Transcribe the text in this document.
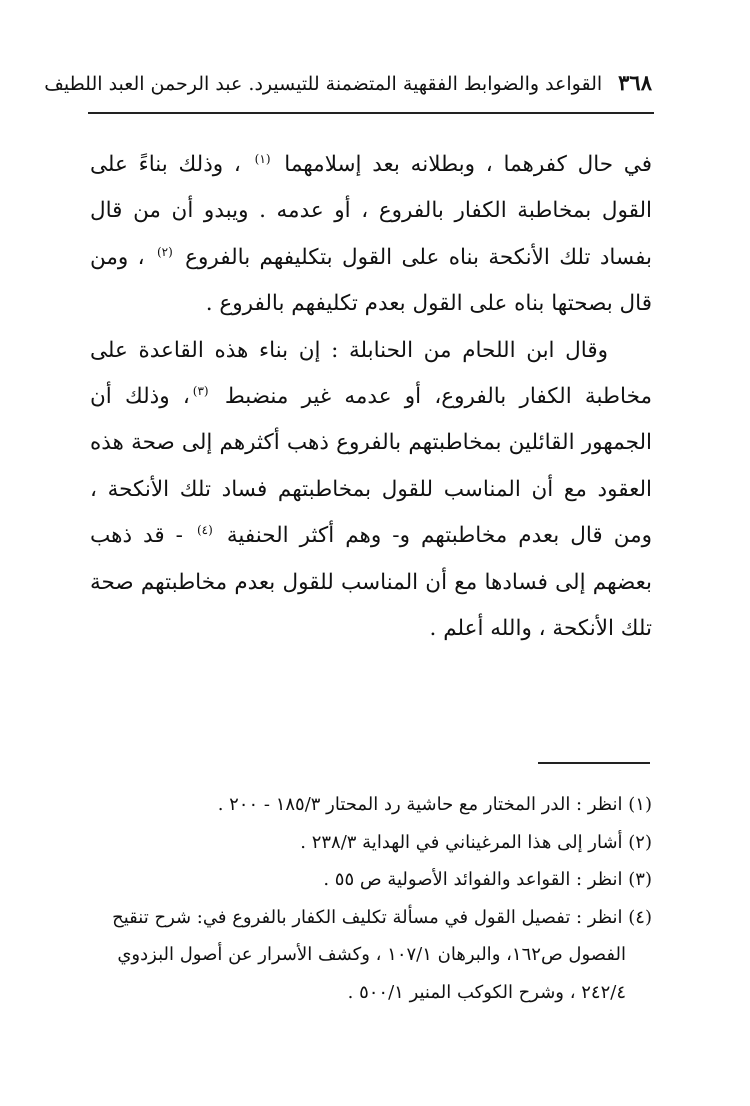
٣٦٨
القواعد والضوابط الفقهية المتضمنة للتيسير
د. عبد الرحمن العبد اللطيف

في حال كفرهما ، وبطلانه بعد إسلامهما $^{(١)}$ ، وذلك بناءً على القول بمخاطبة الكفار بالفروع ، أو عدمه . ويبدو أن من قال بفساد تلك الأنكحة بناه على القول بتكليفهم بالفروع $^{(٢)}$ ، ومن قال بصحتها بناه على القول بعدم تكليفهم بالفروع .

وقال ابن اللحام من الحنابلة : إن بناء هذه القاعدة على مخاطبة الكفار بالفروع، أو عدمه غير منضبط $^{(٣)}$، وذلك أن الجمهور القائلين بمخاطبتهم بالفروع ذهب أكثرهم إلى صحة هذه العقود مع أن المناسب للقول بمخاطبتهم فساد تلك الأنكحة ، ومن قال بعدم مخاطبتهم و- وهم أكثر الحنفية $^{(٤)}$ - قد ذهب بعضهم إلى فسادها مع أن المناسب للقول بعدم مخاطبتهم صحة تلك الأنكحة ، والله أعلم .

(١) انظر : الدر المختار مع حاشية رد المحتار ١٨٥/٣ - ٢٠٠ .

(٢) أشار إلى هذا المرغيناني في الهداية ٢٣٨/٣ .

(٣) انظر : القواعد والفوائد الأصولية ص ٥٥ .

(٤) انظر : تفصيل القول في مسألة تكليف الكفار بالفروع في: شرح تنقيح

الفصول ص١٦٢، والبرهان ١٠٧/١ ، وكشف الأسرار عن أصول البزدوي

٢٤٢/٤ ، وشرح الكوكب المنير ٥٠٠/١ .
